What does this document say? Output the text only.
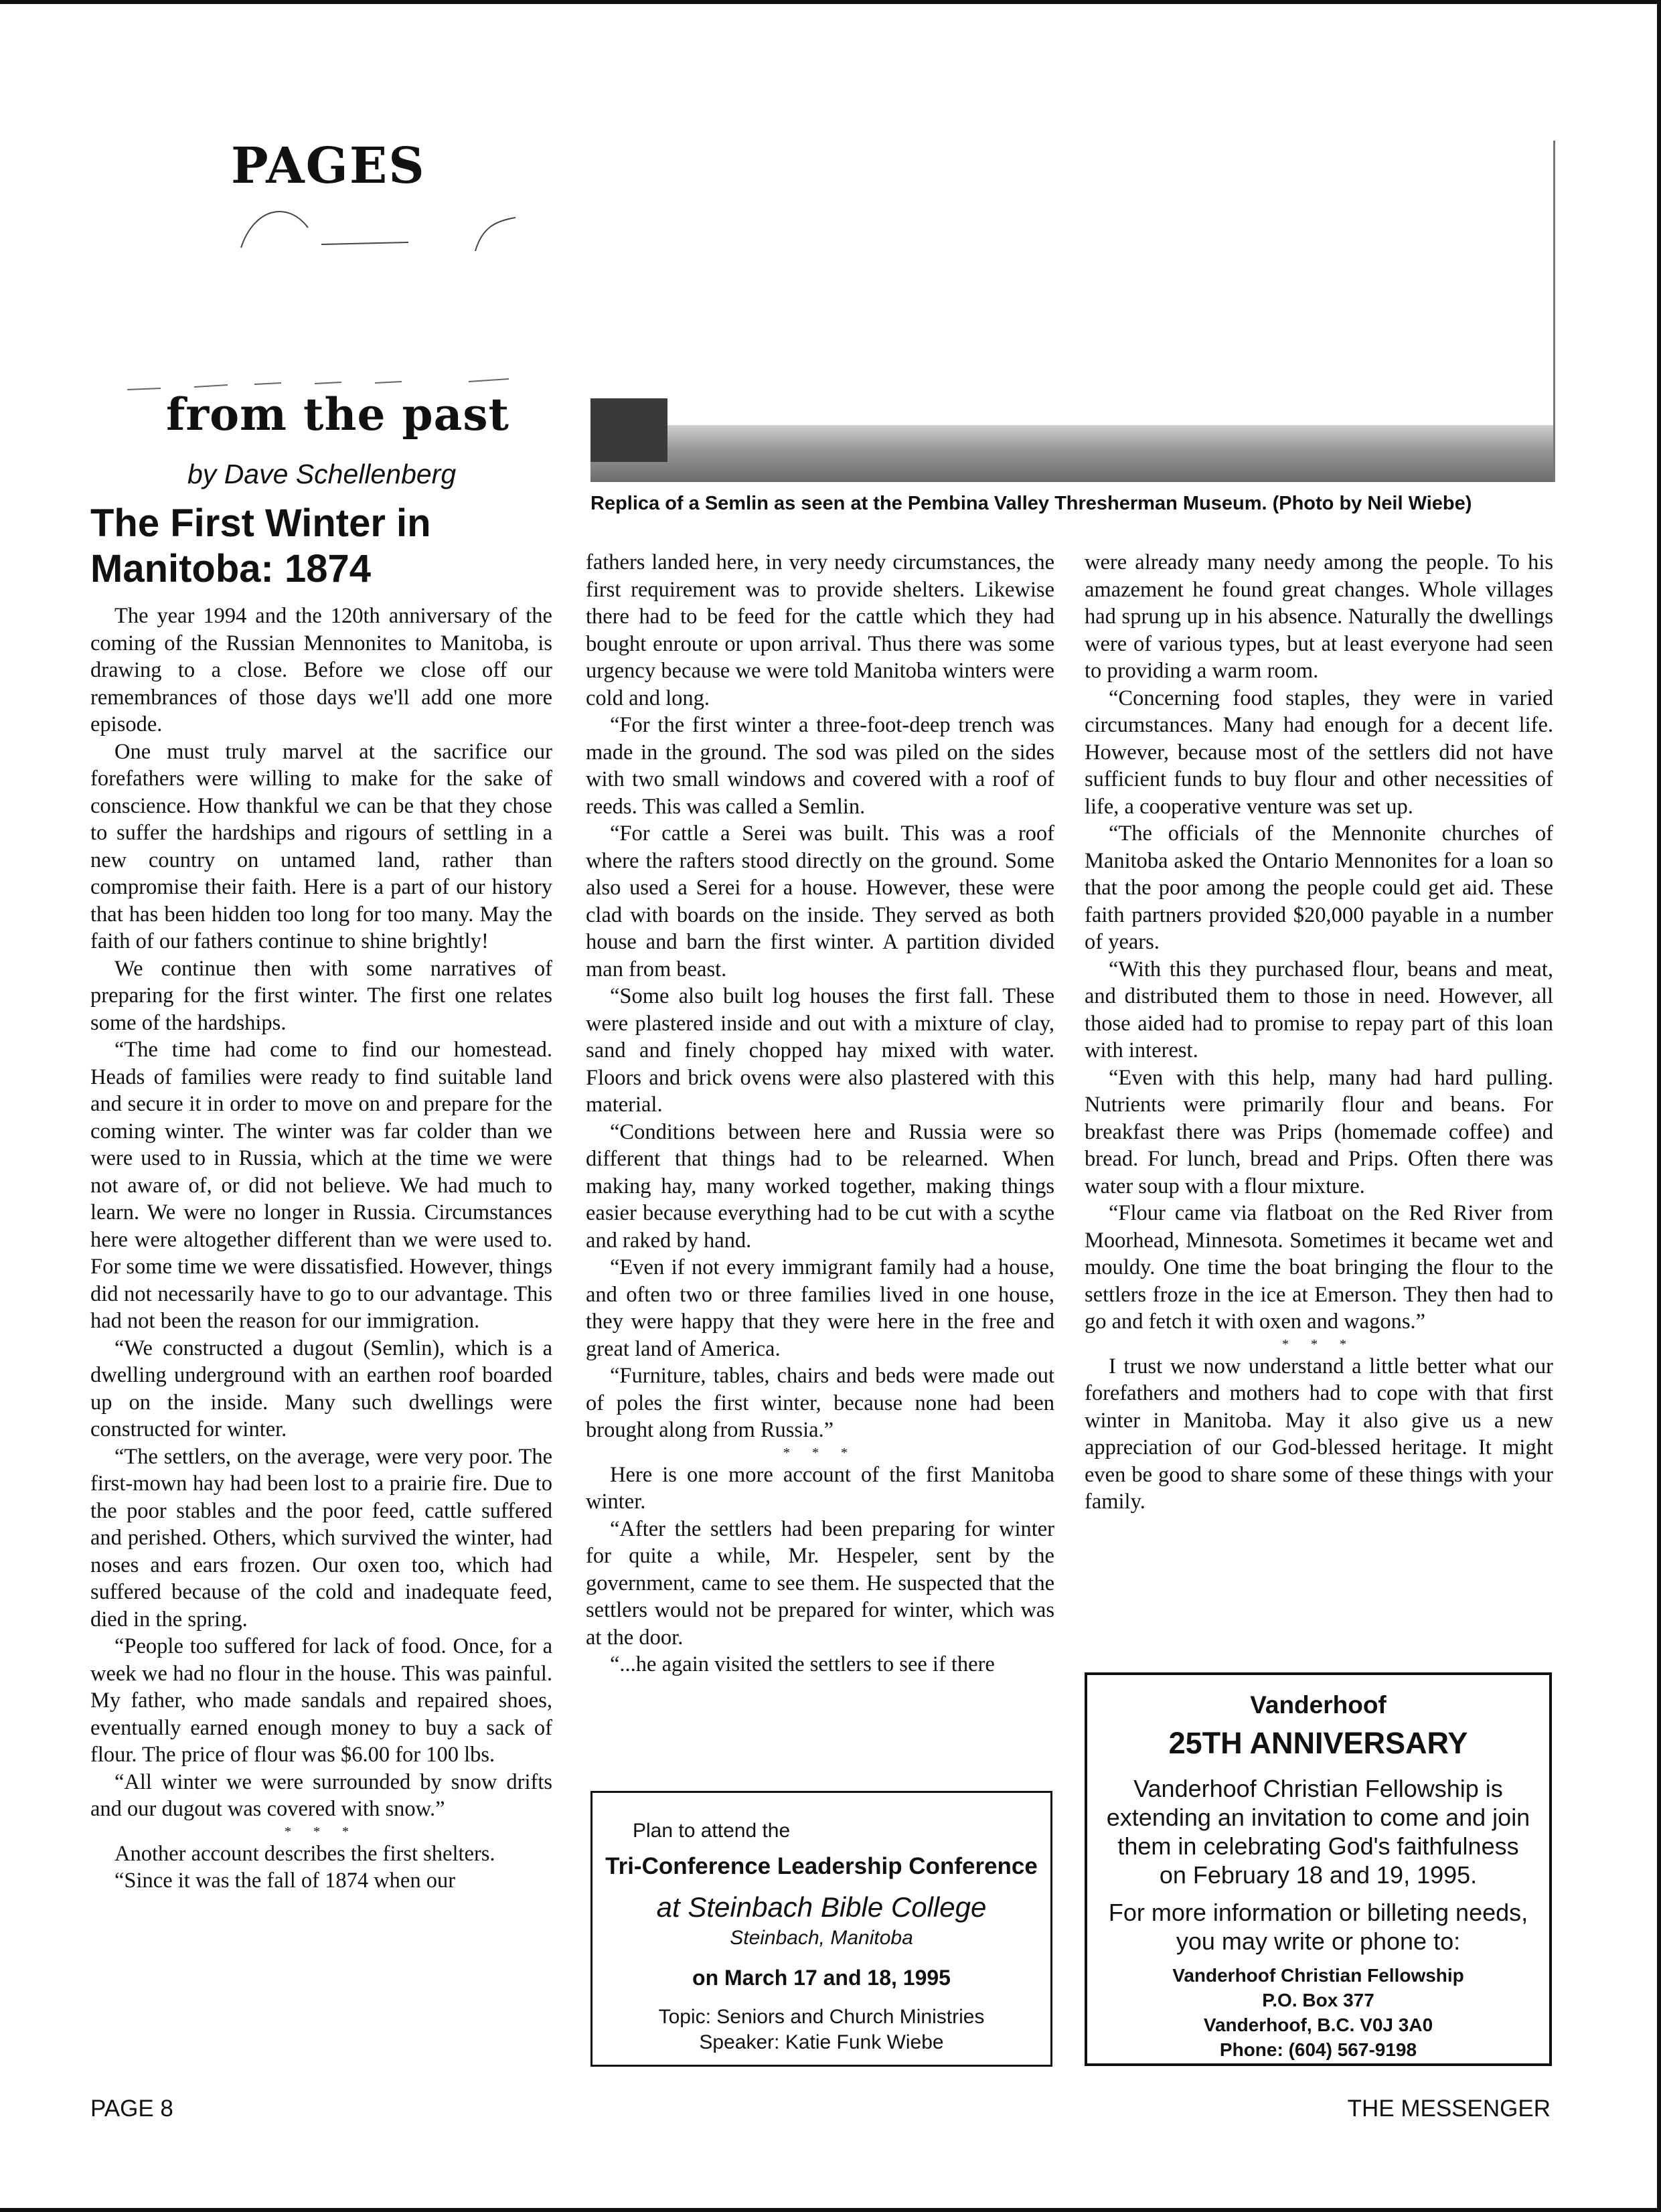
PAGES
from the past
by Dave Schellenberg
The First Winter in Manitoba: 1874
Replica of a Semlin as seen at the Pembina Valley Thresherman Museum. (Photo by Neil Wiebe)

The year 1994 and the 120th anniversary of the coming of the Russian Mennonites to Manitoba, is drawing to a close. Before we close off our remembrances of those days we'll add one more episode.

One must truly marvel at the sacrifice our forefathers were willing to make for the sake of conscience. How thankful we can be that they chose to suffer the hardships and rigours of settling in a new country on untamed land, rather than compromise their faith. Here is a part of our history that has been hidden too long for too many. May the faith of our fathers continue to shine brightly!

We continue then with some narratives of preparing for the first winter. The first one relates some of the hardships.

“The time had come to find our homestead. Heads of families were ready to find suitable land and secure it in order to move on and prepare for the coming winter. The winter was far colder than we were used to in Russia, which at the time we were not aware of, or did not believe. We had much to learn. We were no longer in Russia. Circumstances here were altogether different than we were used to. For some time we were dissatisfied. However, things did not necessarily have to go to our advantage. This had not been the reason for our immigration.

“We constructed a dugout (Semlin), which is a dwelling underground with an earthen roof boarded up on the inside. Many such dwellings were constructed for winter.

“The settlers, on the average, were very poor. The first-mown hay had been lost to a prairie fire. Due to the poor stables and the poor feed, cattle suffered and perished. Others, which survived the winter, had noses and ears frozen. Our oxen too, which had suffered because of the cold and inadequate feed, died in the spring.

“People too suffered for lack of food. Once, for a week we had no flour in the house. This was painful. My father, who made sandals and repaired shoes, eventually earned enough money to buy a sack of flour. The price of flour was $6.00 for 100 lbs.

“All winter we were surrounded by snow drifts and our dugout was covered with snow.”

* * *

Another account describes the first shelters.

“Since it was the fall of 1874 when our

fathers landed here, in very needy circumstances, the first requirement was to provide shelters. Likewise there had to be feed for the cattle which they had bought enroute or upon arrival. Thus there was some urgency because we were told Manitoba winters were cold and long.

“For the first winter a three-foot-deep trench was made in the ground. The sod was piled on the sides with two small windows and covered with a roof of reeds. This was called a Semlin.

“For cattle a Serei was built. This was a roof where the rafters stood directly on the ground. Some also used a Serei for a house. However, these were clad with boards on the inside. They served as both house and barn the first winter. A partition divided man from beast.

“Some also built log houses the first fall. These were plastered inside and out with a mixture of clay, sand and finely chopped hay mixed with water. Floors and brick ovens were also plastered with this material.

“Conditions between here and Russia were so different that things had to be relearned. When making hay, many worked together, making things easier because everything had to be cut with a scythe and raked by hand.

“Even if not every immigrant family had a house, and often two or three families lived in one house, they were happy that they were here in the free and great land of America.

“Furniture, tables, chairs and beds were made out of poles the first winter, because none had been brought along from Russia.”

* * *

Here is one more account of the first Manitoba winter.

“After the settlers had been preparing for winter for quite a while, Mr. Hespeler, sent by the government, came to see them. He suspected that the settlers would not be prepared for winter, which was at the door.

“...he again visited the settlers to see if there

were already many needy among the people. To his amazement he found great changes. Whole villages had sprung up in his absence. Naturally the dwellings were of various types, but at least everyone had seen to providing a warm room.

“Concerning food staples, they were in varied circumstances. Many had enough for a decent life. However, because most of the settlers did not have sufficient funds to buy flour and other necessities of life, a cooperative venture was set up.

“The officials of the Mennonite churches of Manitoba asked the Ontario Mennonites for a loan so that the poor among the people could get aid. These faith partners provided $20,000 payable in a number of years.

“With this they purchased flour, beans and meat, and distributed them to those in need. However, all those aided had to promise to repay part of this loan with interest.

“Even with this help, many had hard pulling. Nutrients were primarily flour and beans. For breakfast there was Prips (homemade coffee) and bread. For lunch, bread and Prips. Often there was water soup with a flour mixture.

“Flour came via flatboat on the Red River from Moorhead, Minnesota. Sometimes it became wet and mouldy. One time the boat bringing the flour to the settlers froze in the ice at Emerson. They then had to go and fetch it with oxen and wagons.”

* * *

I trust we now understand a little better what our forefathers and mothers had to cope with that first winter in Manitoba. May it also give us a new appreciation of our God-blessed heritage. It might even be good to share some of these things with your family.

Plan to attend the
Tri-Conference Leadership Conference
at Steinbach Bible College
Steinbach, Manitoba
on March 17 and 18, 1995
Topic: Seniors and Church Ministries
Speaker: Katie Funk Wiebe
Vanderhoof
25TH ANNIVERSARY
Vanderhoof Christian Fellowship is extending an invitation to come and join them in celebrating God's faithfulness on February 18 and 19, 1995.
For more information or billeting needs, you may write or phone to:
Vanderhoof Christian Fellowship
P.O. Box 377
Vanderhoof, B.C. V0J 3A0
Phone: (604) 567-9198
PAGE 8	THE MESSENGER
